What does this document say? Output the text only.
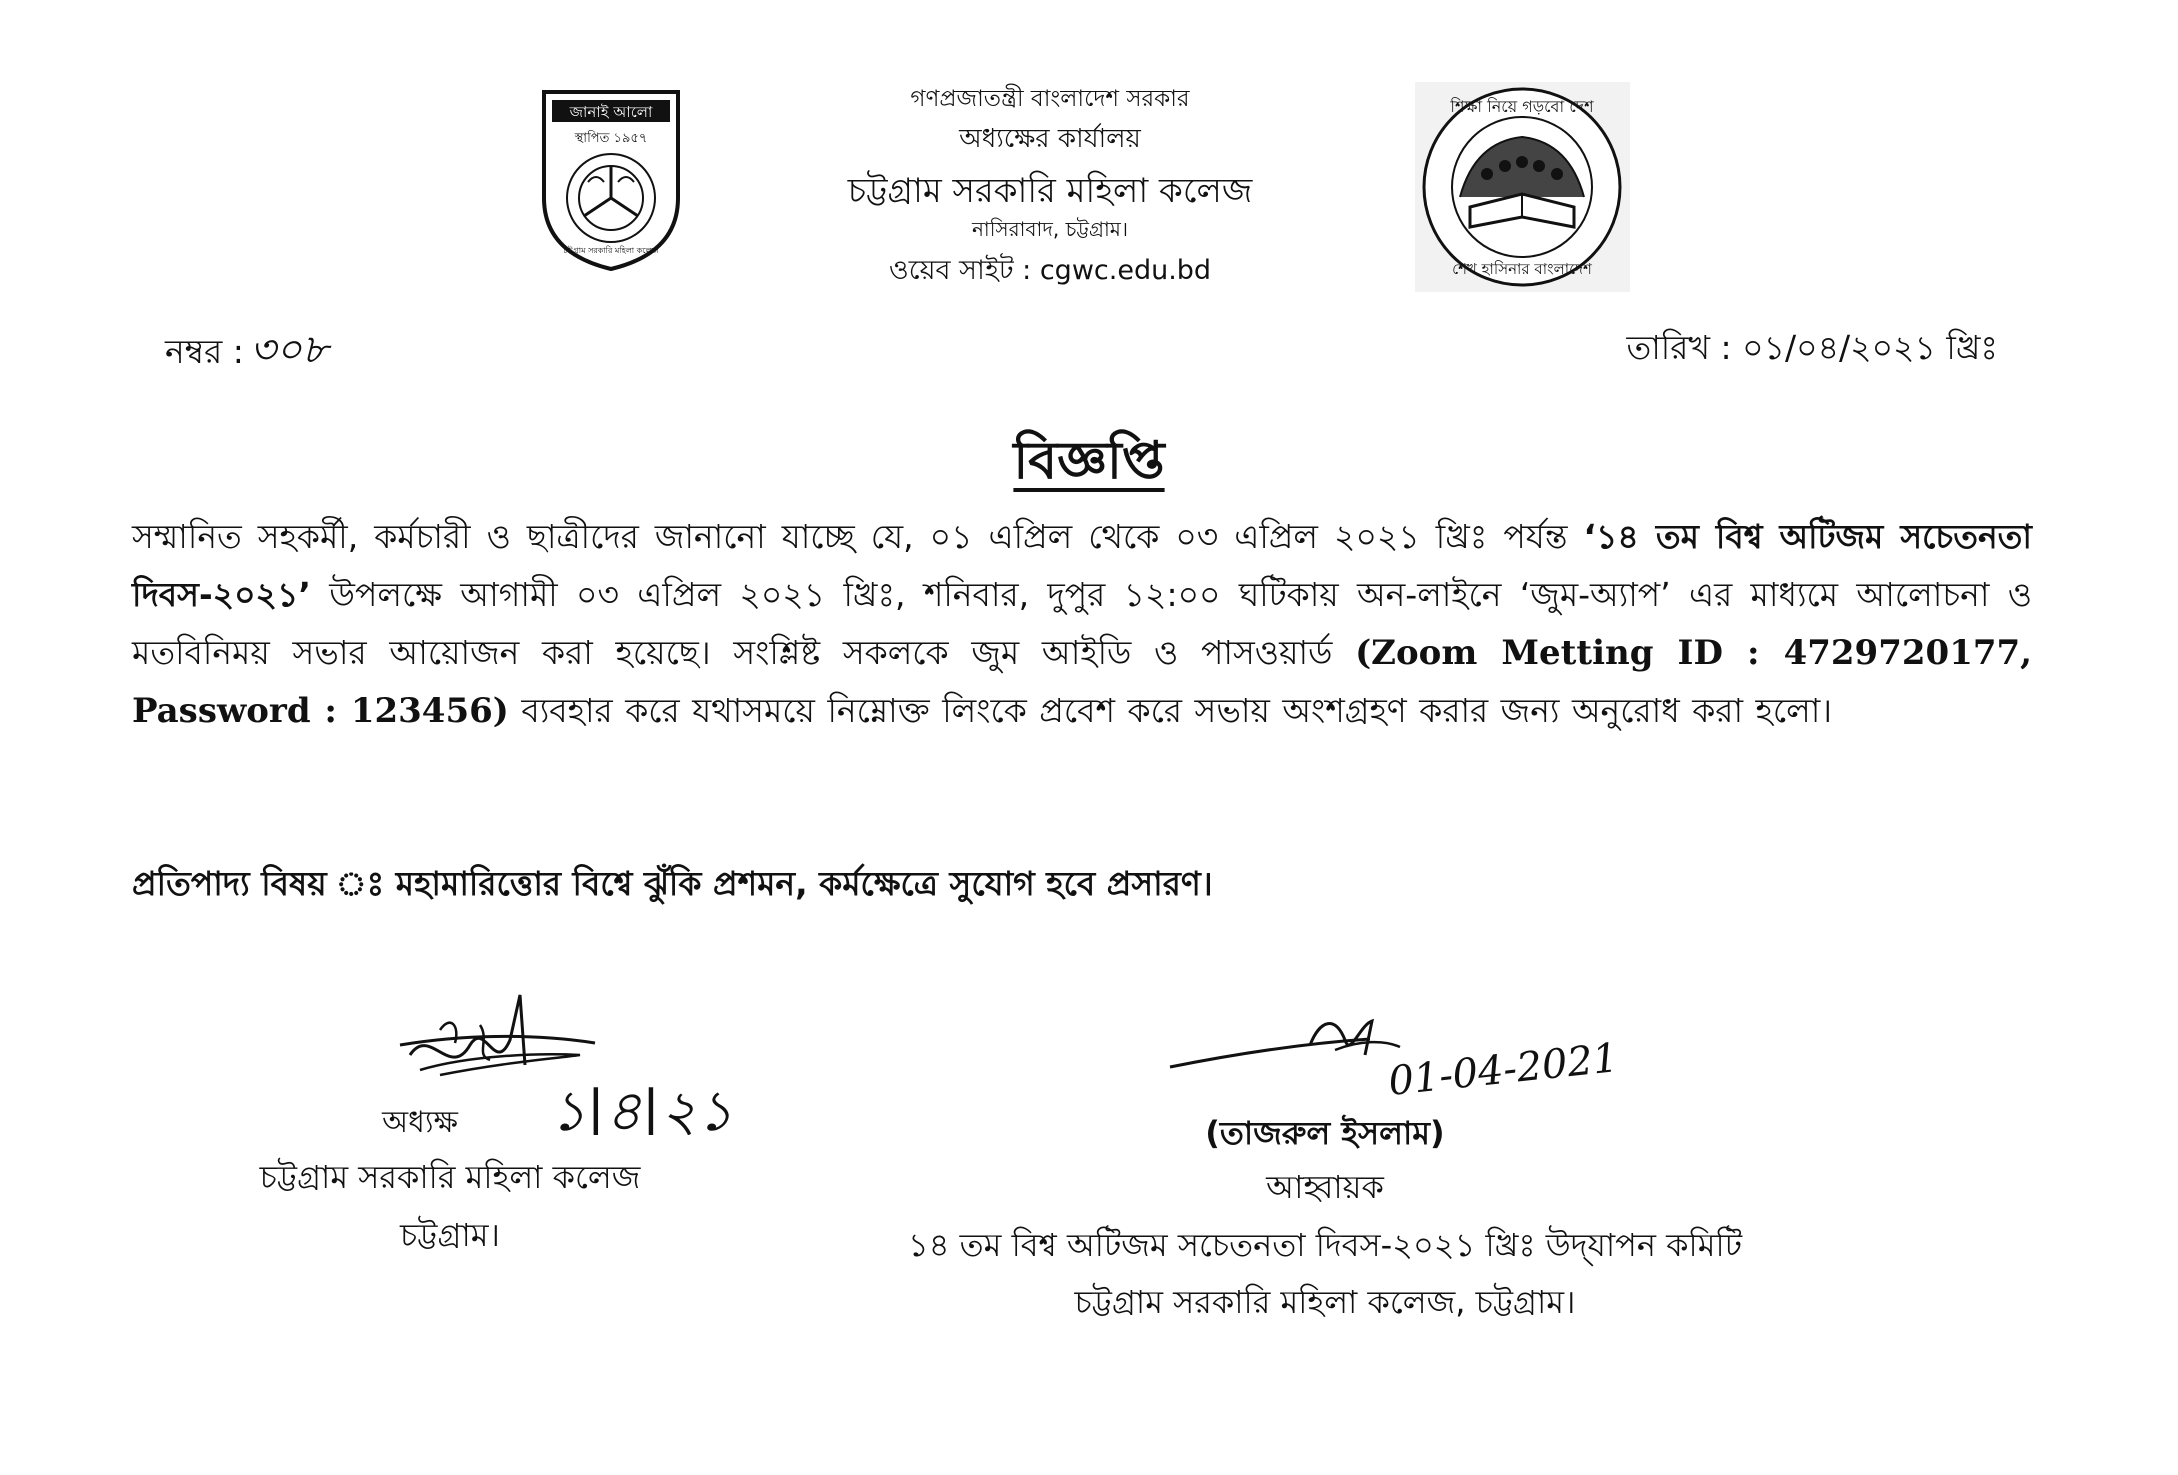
গণপ্রজাতন্ত্রী বাংলাদেশ সরকার
অধ্যক্ষের কার্যালয়
চট্টগ্রাম সরকারি মহিলা কলেজ
নাসিরাবাদ, চট্টগ্রাম।
ওয়েব সাইট : cgwc.edu.bd
জানাই আলো
স্থাপিত ১৯৫৭
চট্টগ্রাম সরকারি মহিলা কলেজ
শিক্ষা নিয়ে গড়বো দেশ
শেখ হাসিনার বাংলাদেশ
নম্বর : ৩০৮	তারিখ : ০১/০৪/২০২১ খ্রিঃ
বিজ্ঞপ্তি
সম্মানিত সহকর্মী, কর্মচারী ও ছাত্রীদের জানানো যাচ্ছে যে, ০১ এপ্রিল থেকে ০৩ এপ্রিল ২০২১ খ্রিঃ পর্যন্ত ‘১৪ তম বিশ্ব অটিজম সচেতনতা দিবস-২০২১’ উপলক্ষে আগামী ০৩ এপ্রিল ২০২১ খ্রিঃ, শনিবার, দুপুর ১২:০০ ঘটিকায় অন-লাইনে ‘জুম-অ্যাপ’ এর মাধ্যমে আলোচনা ও মতবিনিময় সভার আয়োজন করা হয়েছে। সংশ্লিষ্ট সকলকে জুম আইডি ও পাসওয়ার্ড (Zoom Metting ID : 4729720177, Password : 123456) ব্যবহার করে যথাসময়ে নিম্নোক্ত লিংকে প্রবেশ করে সভায় অংশগ্রহণ করার জন্য অনুরোধ করা হলো।
প্রতিপাদ্য বিষয় ঃ মহামারিত্তোর বিশ্বে ঝুঁকি প্রশমন, কর্মক্ষেত্রে সুযোগ হবে প্রসারণ।
১|৪|২১
01-04-2021
অধ্যক্ষ
চট্টগ্রাম সরকারি মহিলা কলেজ
চট্টগ্রাম।
(তাজরুল ইসলাম)
আহ্বায়ক
১৪ তম বিশ্ব অটিজম সচেতনতা দিবস-২০২১ খ্রিঃ উদ্‌যাপন কমিটি
চট্টগ্রাম সরকারি মহিলা কলেজ, চট্টগ্রাম।
